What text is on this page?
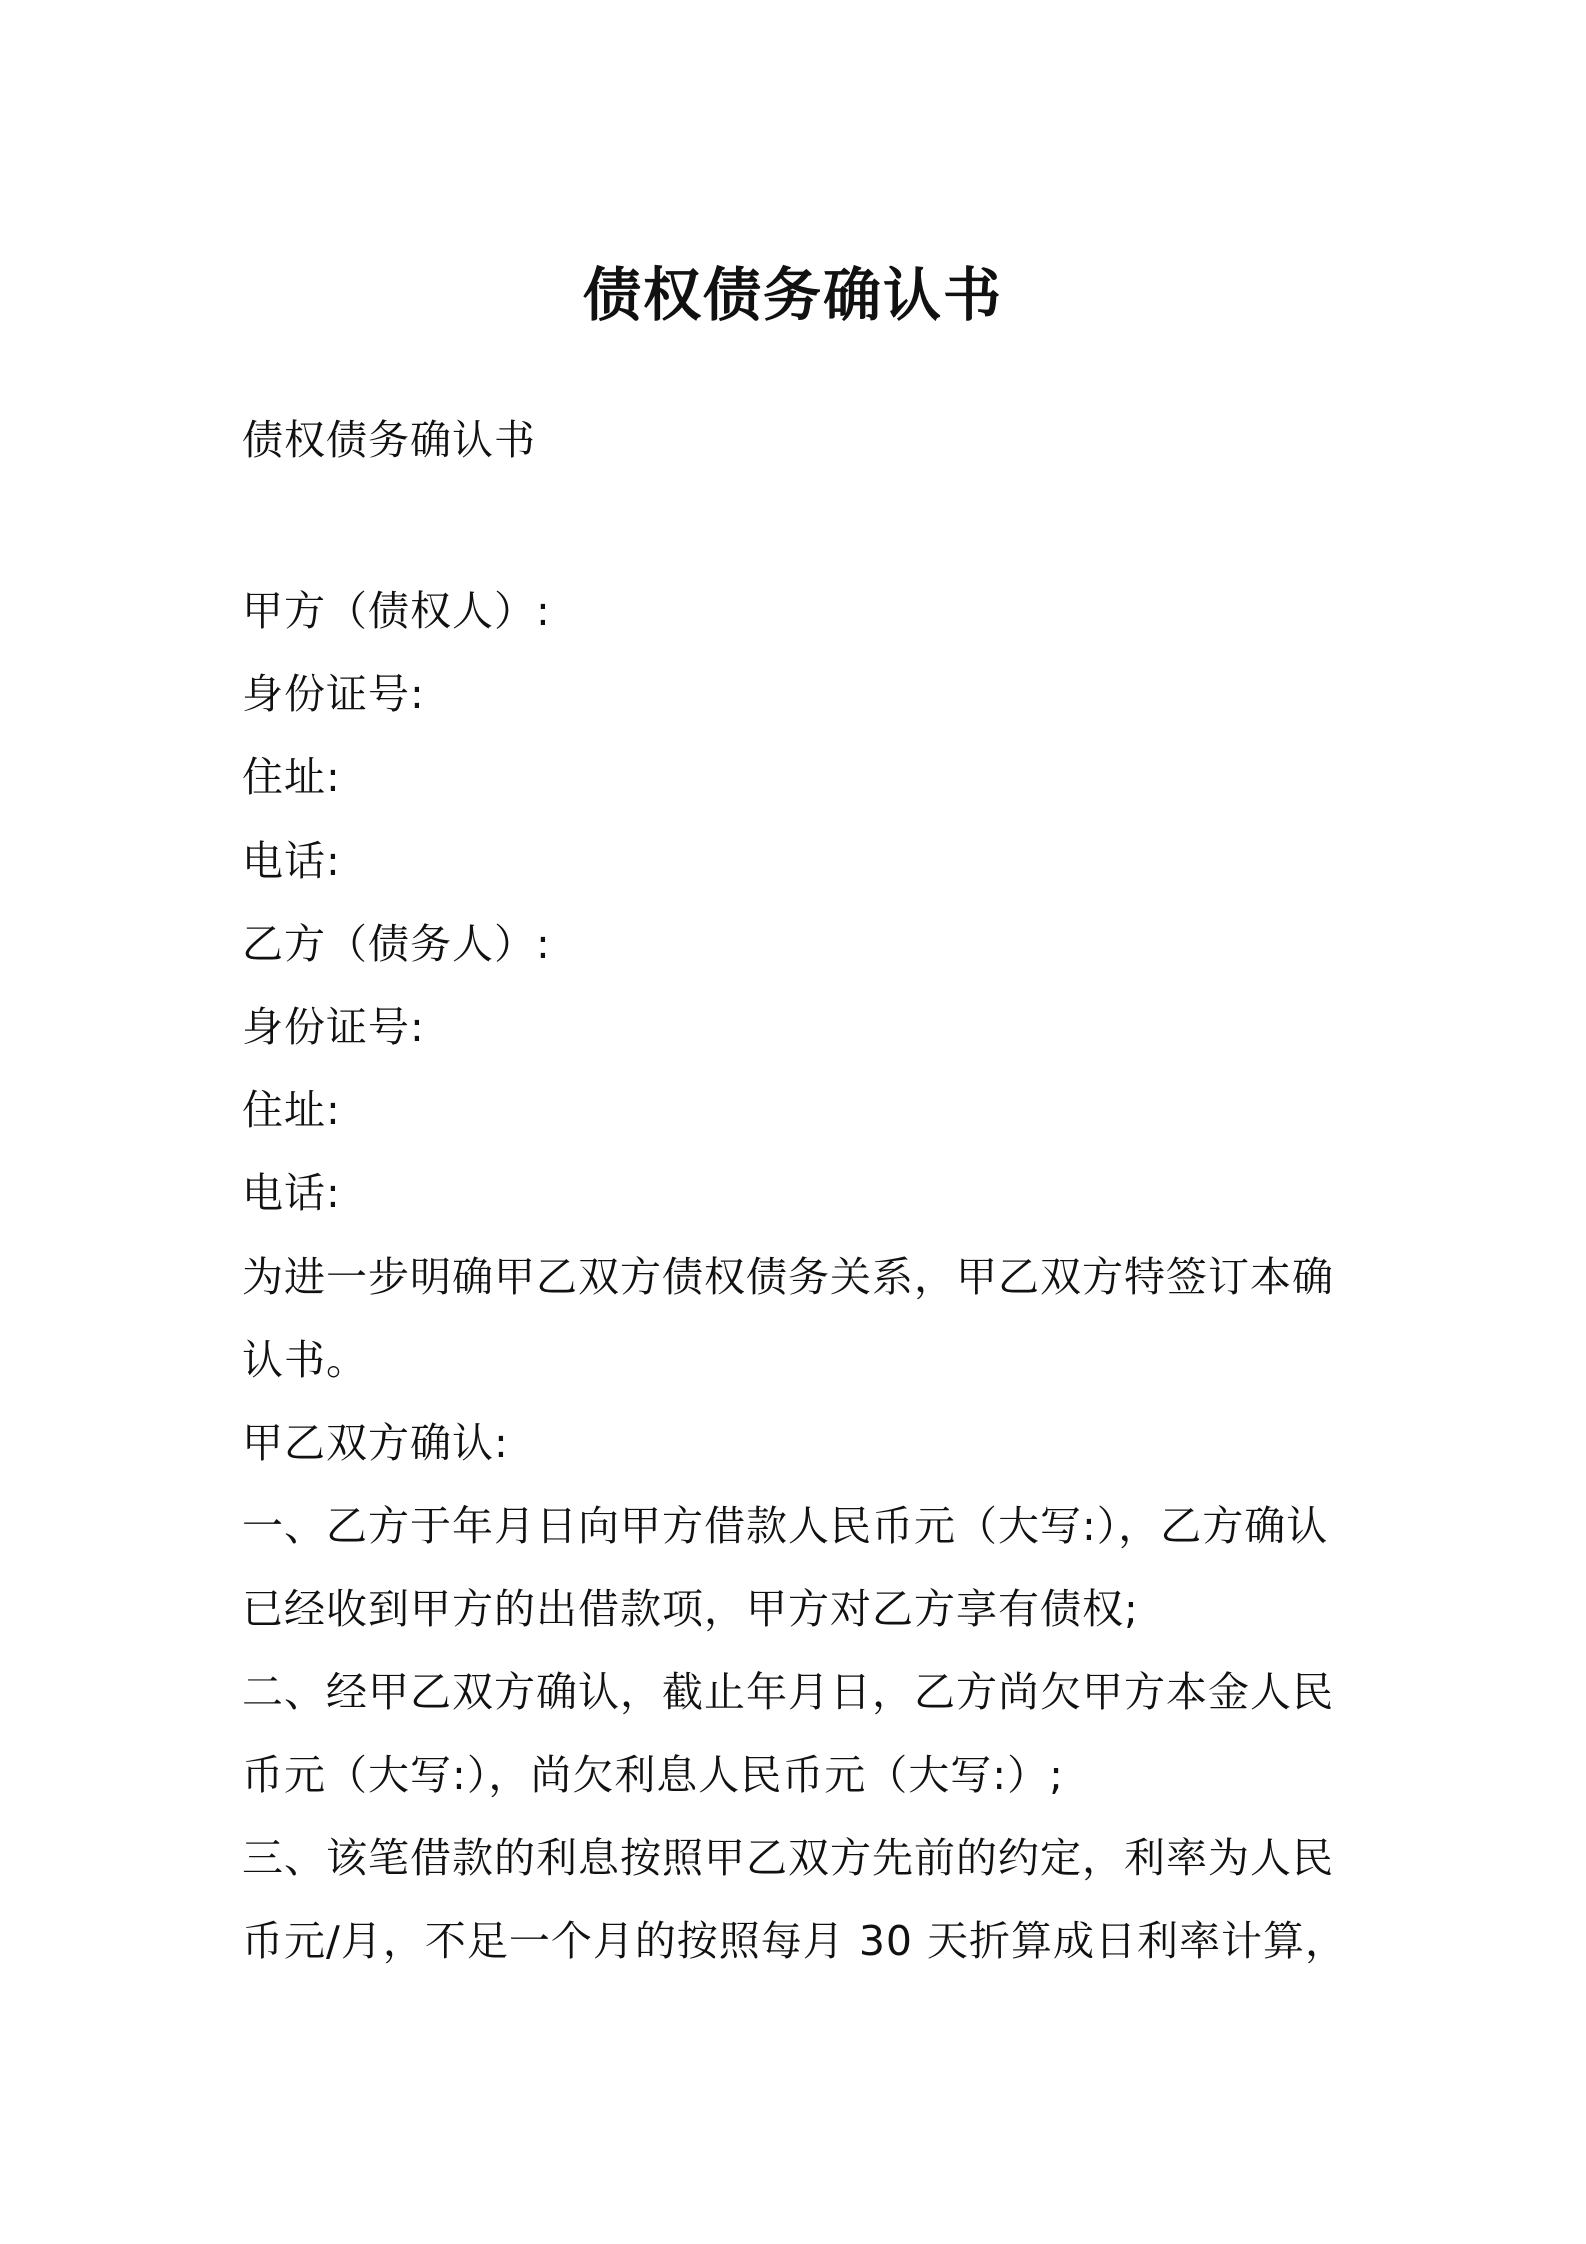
债权债务确认书
债权债务确认书
甲方（债权人）:
身份证号:
住址:
电话:
乙方（债务人）:
身份证号:
住址:
电话:
为进一步明确甲乙双方债权债务关系，甲乙双方特签订本确
认书。
甲乙双方确认:
一、乙方于年月日向甲方借款人民币元（大写:），乙方确认
已经收到甲方的出借款项，甲方对乙方享有债权;
二、经甲乙双方确认，截止年月日，乙方尚欠甲方本金人民
币元（大写:），尚欠利息人民币元（大写:）;
三、该笔借款的利息按照甲乙双方先前的约定，利率为人民
币元/月，不足一个月的按照每月 30 天折算成日利率计算，
